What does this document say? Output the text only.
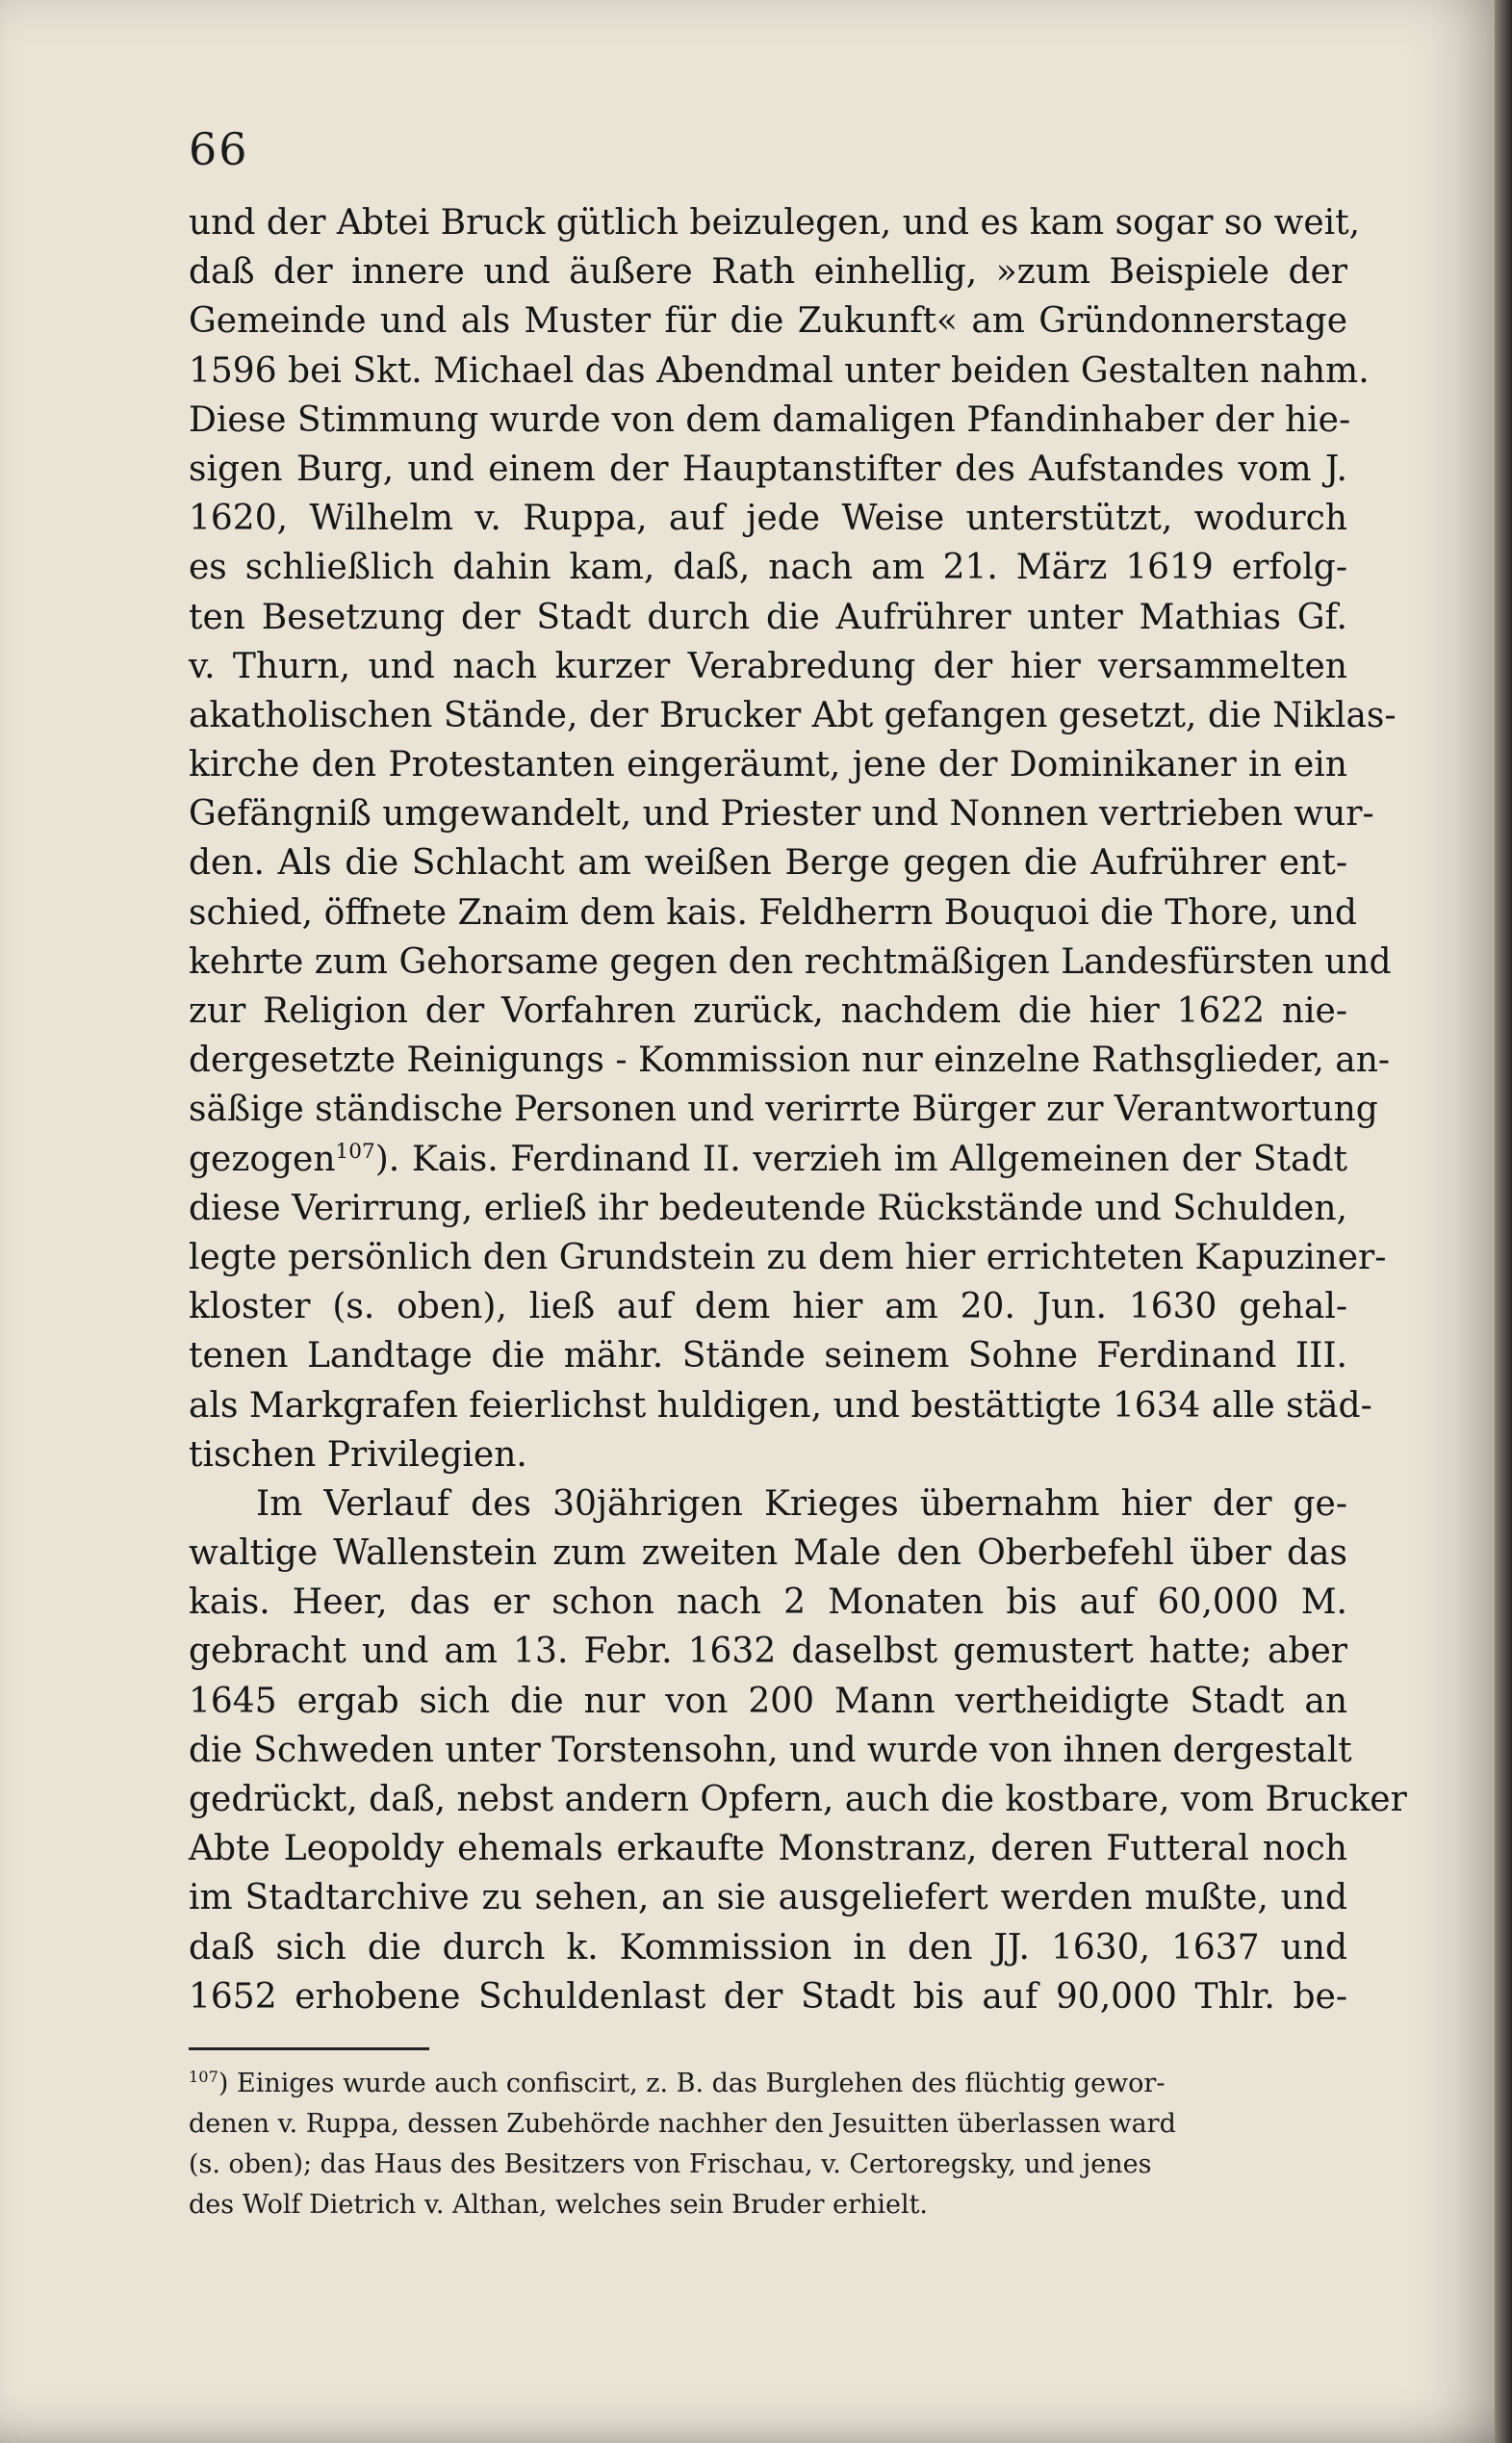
66
und der Abtei Bruck gütlich beizulegen, und es kam sogar so weit,
daß der innere und äußere Rath einhellig, »zum Beispiele der
Gemeinde und als Muster für die Zukunft« am Gründonnerstage
1596 bei Skt. Michael das Abendmal unter beiden Gestalten nahm.
Diese Stimmung wurde von dem damaligen Pfandinhaber der hie-
sigen Burg, und einem der Hauptanstifter des Aufstandes vom J.
1620, Wilhelm v. Ruppa, auf jede Weise unterstützt, wodurch
es schließlich dahin kam, daß, nach am 21. März 1619 erfolg-
ten Besetzung der Stadt durch die Aufrührer unter Mathias Gf.
v. Thurn, und nach kurzer Verabredung der hier versammelten
akatholischen Stände, der Brucker Abt gefangen gesetzt, die Niklas-
kirche den Protestanten eingeräumt, jene der Dominikaner in ein
Gefängniß umgewandelt, und Priester und Nonnen vertrieben wur-
den. Als die Schlacht am weißen Berge gegen die Aufrührer ent-
schied, öffnete Znaim dem kais. Feldherrn Bouquoi die Thore, und
kehrte zum Gehorsame gegen den rechtmäßigen Landesfürsten und
zur Religion der Vorfahren zurück, nachdem die hier 1622 nie-
dergesetzte Reinigungs - Kommission nur einzelne Rathsglieder, an-
säßige ständische Personen und verirrte Bürger zur Verantwortung
gezogen$^{107}$). Kais. Ferdinand II. verzieh im Allgemeinen der Stadt
diese Verirrung, erließ ihr bedeutende Rückstände und Schulden,
legte persönlich den Grundstein zu dem hier errichteten Kapuziner-
kloster (s. oben), ließ auf dem hier am 20. Jun. 1630 gehal-
tenen Landtage die mähr. Stände seinem Sohne Ferdinand III.
als Markgrafen feierlichst huldigen, und bestättigte 1634 alle städ-
tischen Privilegien.
Im Verlauf des 30jährigen Krieges übernahm hier der ge-
waltige Wallenstein zum zweiten Male den Oberbefehl über das
kais. Heer, das er schon nach 2 Monaten bis auf 60,000 M.
gebracht und am 13. Febr. 1632 daselbst gemustert hatte; aber
1645 ergab sich die nur von 200 Mann vertheidigte Stadt an
die Schweden unter Torstensohn, und wurde von ihnen dergestalt
gedrückt, daß, nebst andern Opfern, auch die kostbare, vom Brucker
Abte Leopoldy ehemals erkaufte Monstranz, deren Futteral noch
im Stadtarchive zu sehen, an sie ausgeliefert werden mußte, und
daß sich die durch k. Kommission in den JJ. 1630, 1637 und
1652 erhobene Schuldenlast der Stadt bis auf 90,000 Thlr. be-
$^{107}$) Einiges wurde auch confiscirt, z. B. das Burglehen des flüchtig gewor-
denen v. Ruppa, dessen Zubehörde nachher den Jesuitten überlassen ward
(s. oben); das Haus des Besitzers von Frischau, v. Certoregsky, und jenes
des Wolf Dietrich v. Althan, welches sein Bruder erhielt.
